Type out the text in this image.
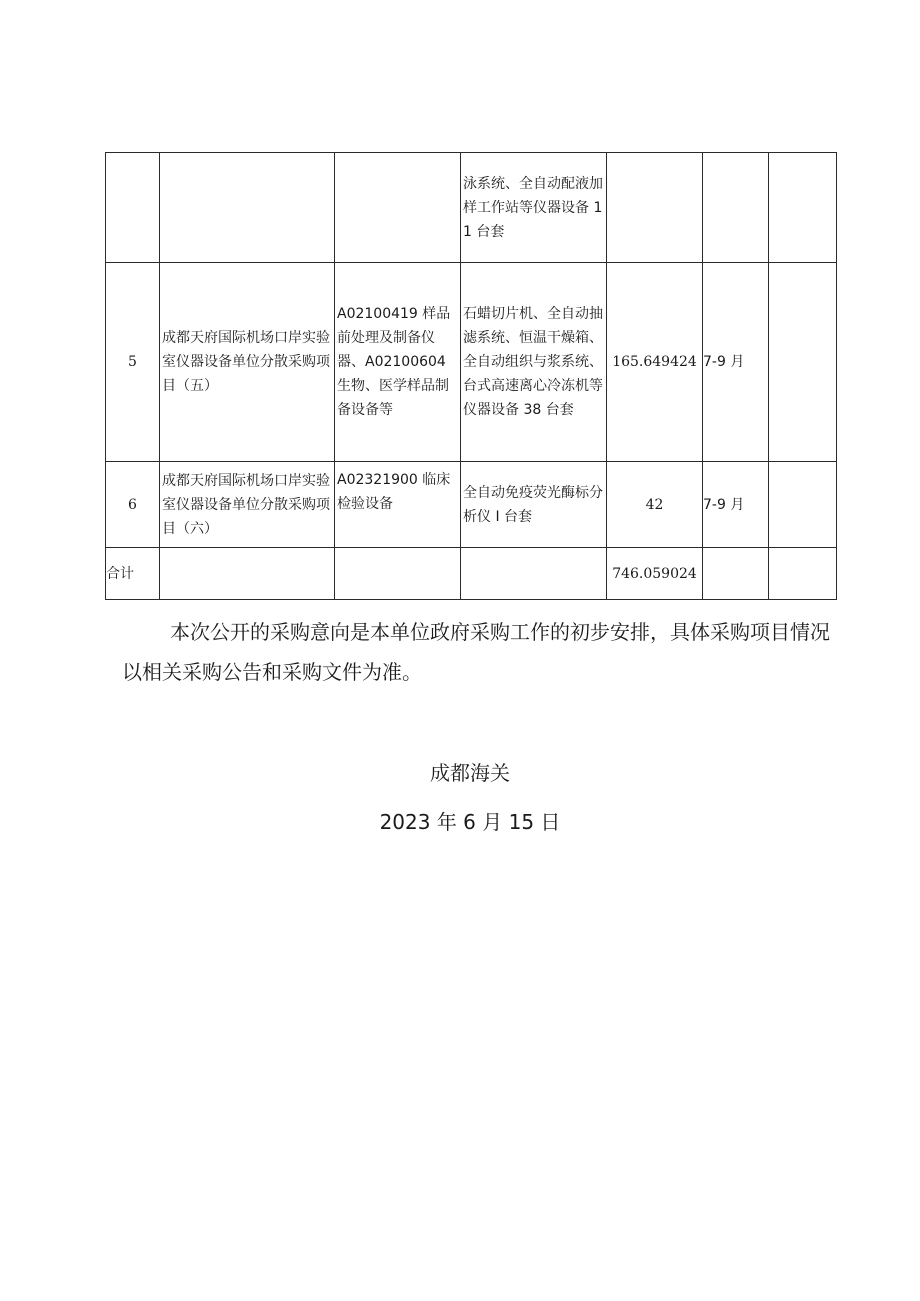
			泳系统、全自动配液加样工作站等仪器设备 11 台套			
5	成都天府国际机场口岸实验室仪器设备单位分散采购项目（五）	A02100419 样品前处理及制备仪器、A02100604 生物、医学样品制备设备等	石蜡切片机、全自动抽滤系统、恒温干燥箱、全自动组织与浆系统、台式高速离心冷冻机等仪器设备 38 台套	165.649424	7-9 月	
6	成都天府国际机场口岸实验室仪器设备单位分散采购项目（六）	A02321900 临床检验设备	全自动免疫荧光酶标分析仪 I 台套	42	7-9 月	
合计				746.059024		

本次公开的采购意向是本单位政府采购工作的初步安排，具体采购项目情况以相关采购公告和采购文件为准。

成都海关
2023 年 6 月 15 日
